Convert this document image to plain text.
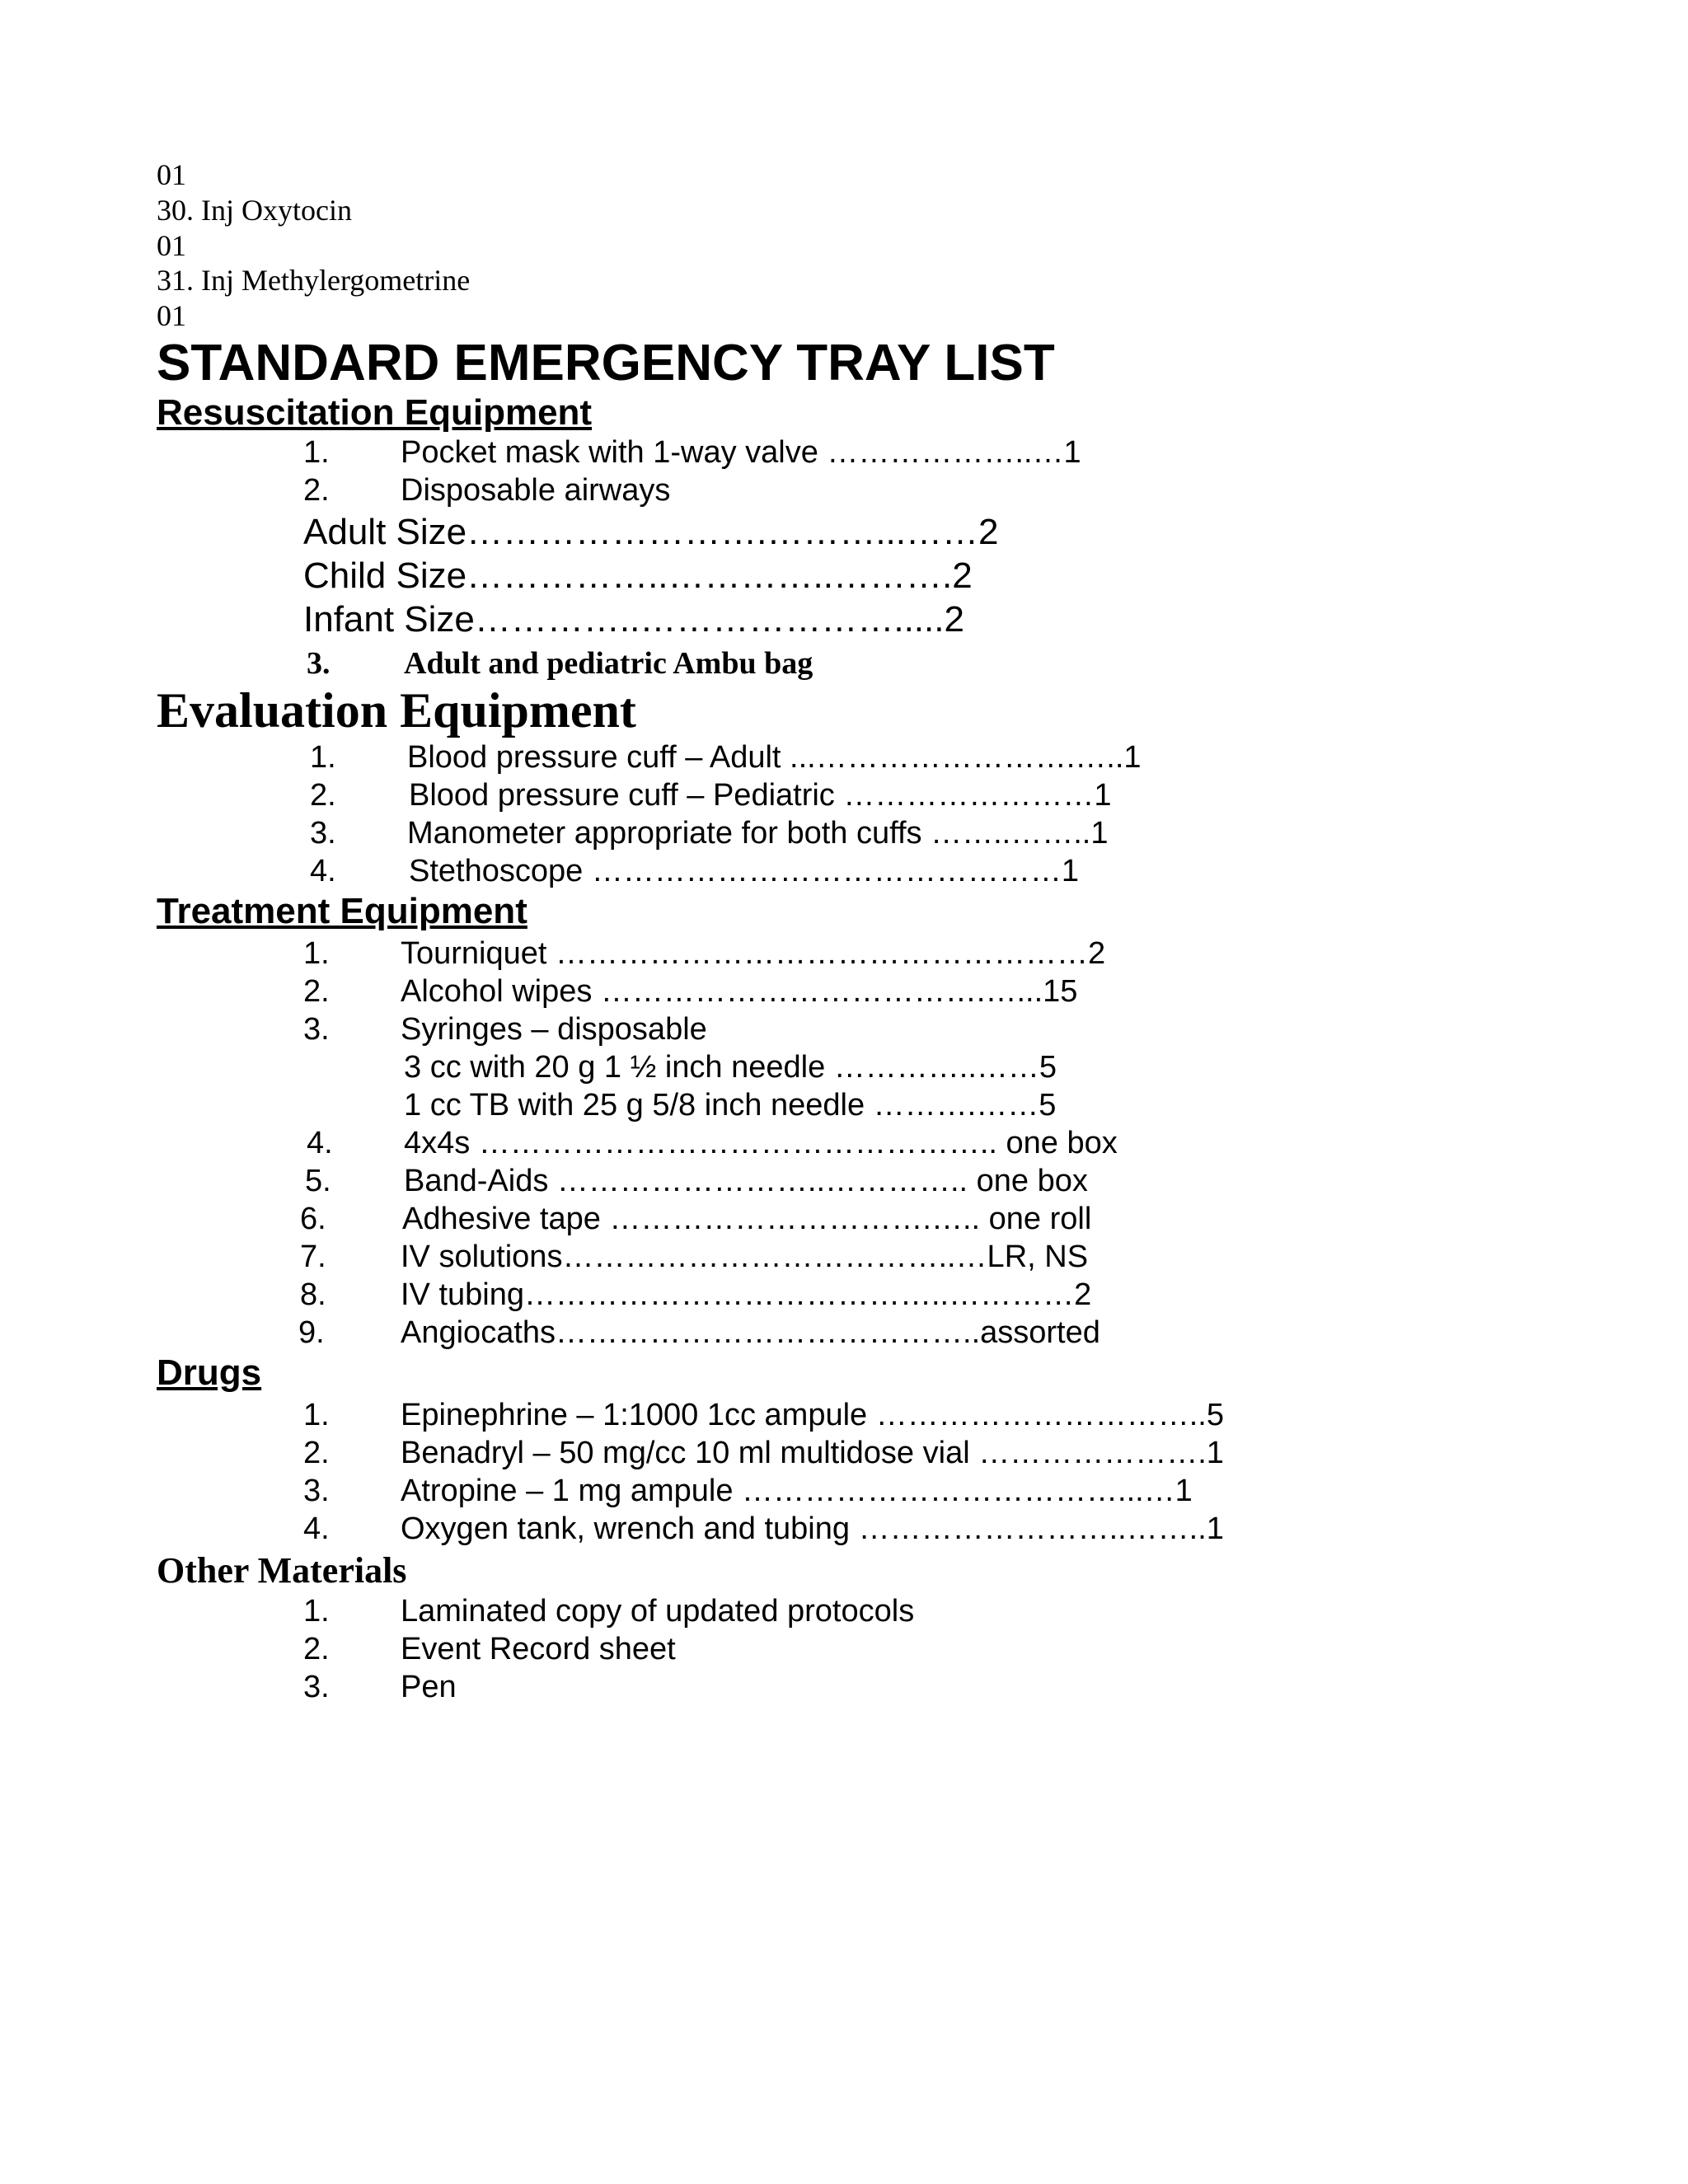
01
30. Inj Oxytocin
01
31. Inj Methylergometrine
01
STANDARD EMERGENCY TRAY LIST
Resuscitation Equipment
1. Pocket mask with 1-way valve ………………..…1
2. Disposable airways
Adult Size…………………….………...……2
Child Size……………..…………..……….2
Infant Size…………..………………….....2
3. Adult and pediatric Ambu bag
Evaluation Equipment
1. Blood pressure cuff – Adult ...…………………….…..1
2. Blood pressure cuff – Pediatric ……………………1
3. Manometer appropriate for both cuffs ……..……..1
4. Stethoscope ………………………………………1
Treatment Equipment
1. Tourniquet ……………………………………………2
2. Alcohol wipes ……………………………….…...15
3. Syringes – disposable
3 cc with 20 g 1 ½ inch needle …………..……5
1 cc TB with 25 g 5/8 inch needle ……….……5
4. 4x4s ………………………………………….. one box
5. Band-Aids ……………………..………….. one box
6. Adhesive tape ………………………….….. one roll
7. IV solutions………………………………..…LR, NS
8. IV tubing…………………………………..…………2
9. Angiocaths…………………………………..assorted
Drugs
1. Epinephrine – 1:1000 1cc ampule …………………………..5
2. Benadryl – 50 mg/cc 10 ml multidose vial ………………….1
3. Atropine – 1 mg ampule ………………………………...…1
4. Oxygen tank, wrench and tubing ……………………..……..1
Other Materials
1. Laminated copy of updated protocols
2. Event Record sheet
3. Pen
